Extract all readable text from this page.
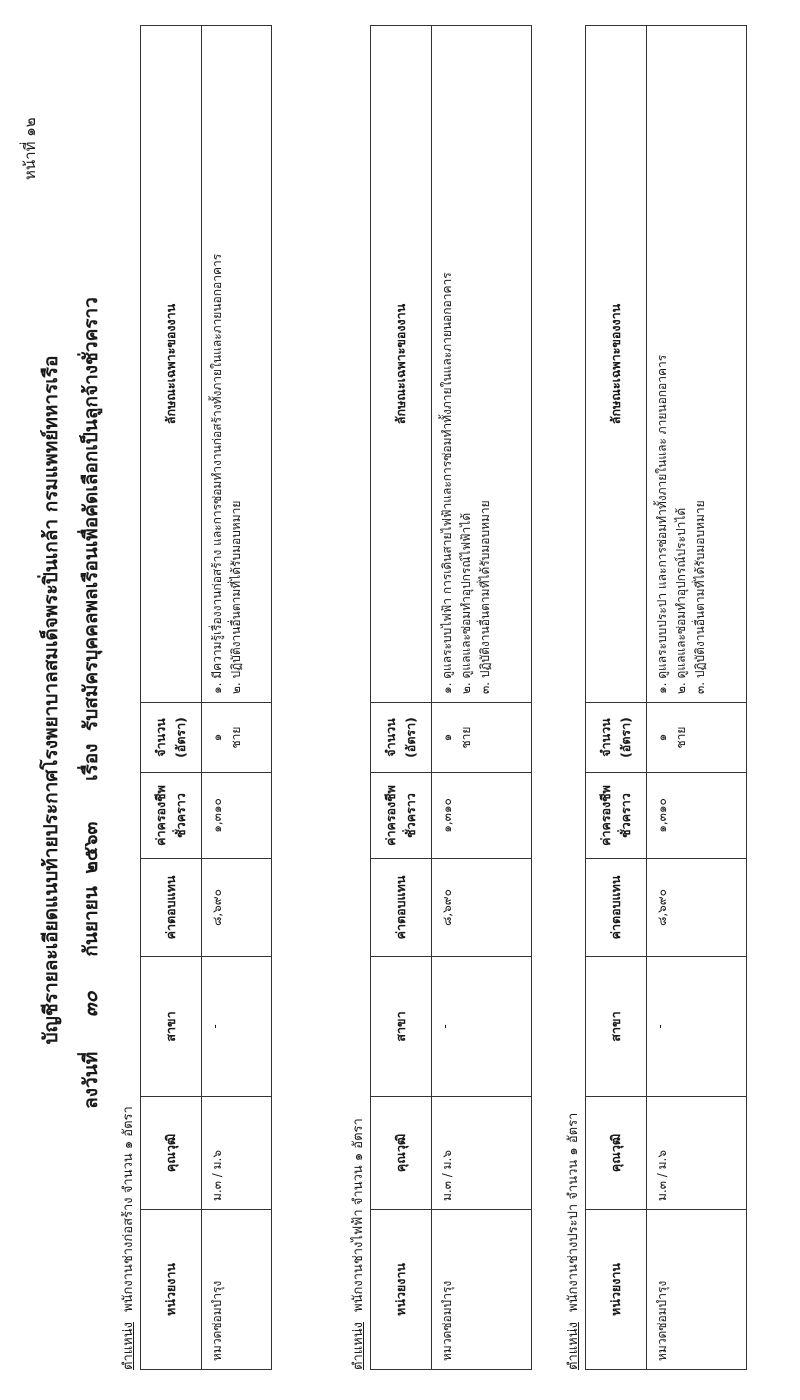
หน้าที่ ๑๒
บัญชีรายละเอียดแนบท้ายประกาศโรงพยาบาลสมเด็จพระปิ่นเกล้า กรมแพทย์ทหารเรือ
ลงวันที่ ๓๐ กันยายน ๒๕๖๓ เรื่อง รับสมัครบุคคลพลเรือนเพื่อคัดเลือกเป็นลูกจ้างชั่วคราว
ตำแหน่ง พนักงานช่างก่อสร้าง จำนวน ๑ อัตรา	หน่วยงาน	คุณวุฒิ	สาขา	ค่าตอบแทน	ค่าครองชีพชั่วคราว	จำนวน (อัตรา)	ลักษณะเฉพาะของงาน
หมวดซ่อมบำรุง	ม.๓ / ม.๖	-	๘,๖๙๐	๑,๓๑๐	๑ ชาย	๑. มีความรู้เรื่องงานก่อสร้าง และการซ่อมทำงานก่อสร้างทั้งภายในและภายนอกอาคาร ๒. ปฏิบัติงานอื่นตามที่ได้รับมอบหมาย
ตำแหน่ง พนักงานช่างไฟฟ้า จำนวน ๑ อัตรา	หน่วยงาน	คุณวุฒิ	สาขา	ค่าตอบแทน	ค่าครองชีพชั่วคราว	จำนวน (อัตรา)	ลักษณะเฉพาะของงาน
หมวดซ่อมบำรุง	ม.๓ / ม.๖	-	๘,๖๙๐	๑,๓๑๐	๑ ชาย	๑. ดูแลระบบไฟฟ้า การเดินสายไฟฟ้าและการซ่อมทำทั้งภายในและภายนอกอาคาร ๒. ดูแลและซ่อมทำอุปกรณ์ไฟฟ้าได้ ๓. ปฏิบัติงานอื่นตามที่ได้รับมอบหมาย
ตำแหน่ง พนักงานช่างประปา จำนวน ๑ อัตรา	หน่วยงาน	คุณวุฒิ	สาขา	ค่าตอบแทน	ค่าครองชีพชั่วคราว	จำนวน (อัตรา)	ลักษณะเฉพาะของงาน
หมวดซ่อมบำรุง	ม.๓ / ม.๖	-	๘,๖๙๐	๑,๓๑๐	๑ ชาย	๑. ดูแลระบบประปา และการซ่อมทำทั้งภายในและ ภายนอกอาคาร ๒. ดูแลและซ่อมทำอุปกรณ์ประปาได้ ๓. ปฏิบัติงานอื่นตามที่ได้รับมอบหมาย
